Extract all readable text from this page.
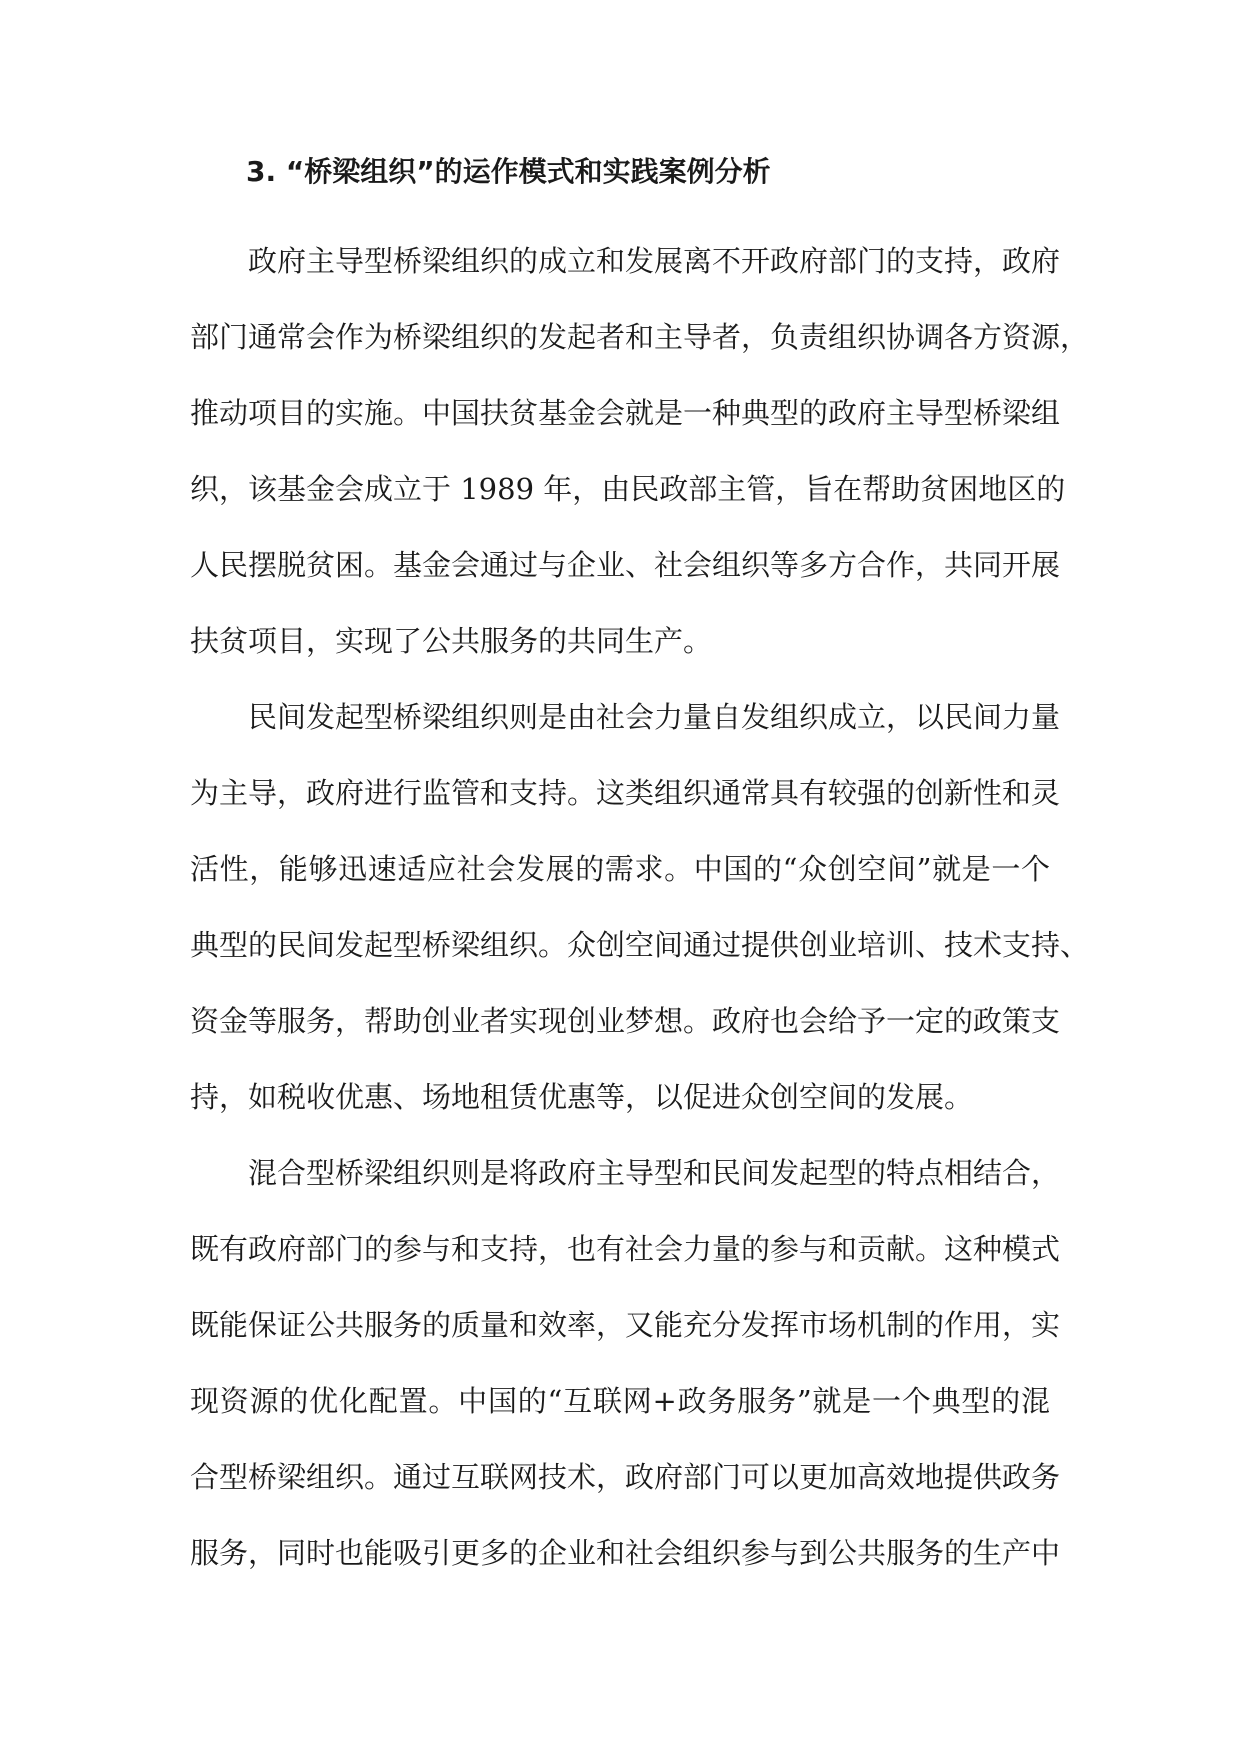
3. “桥梁组织”的运作模式和实践案例分析
政府主导型桥梁组织的成立和发展离不开政府部门的支持，政府
部门通常会作为桥梁组织的发起者和主导者，负责组织协调各方资源，
推动项目的实施。中国扶贫基金会就是一种典型的政府主导型桥梁组
织，该基金会成立于 1989 年，由民政部主管，旨在帮助贫困地区的
人民摆脱贫困。基金会通过与企业、社会组织等多方合作，共同开展
扶贫项目，实现了公共服务的共同生产。
民间发起型桥梁组织则是由社会力量自发组织成立，以民间力量
为主导，政府进行监管和支持。这类组织通常具有较强的创新性和灵
活性，能够迅速适应社会发展的需求。中国的“众创空间”就是一个
典型的民间发起型桥梁组织。众创空间通过提供创业培训、技术支持、
资金等服务，帮助创业者实现创业梦想。政府也会给予一定的政策支
持，如税收优惠、场地租赁优惠等，以促进众创空间的发展。
混合型桥梁组织则是将政府主导型和民间发起型的特点相结合，
既有政府部门的参与和支持，也有社会力量的参与和贡献。这种模式
既能保证公共服务的质量和效率，又能充分发挥市场机制的作用，实
现资源的优化配置。中国的“互联网+政务服务”就是一个典型的混
合型桥梁组织。通过互联网技术，政府部门可以更加高效地提供政务
服务，同时也能吸引更多的企业和社会组织参与到公共服务的生产中
